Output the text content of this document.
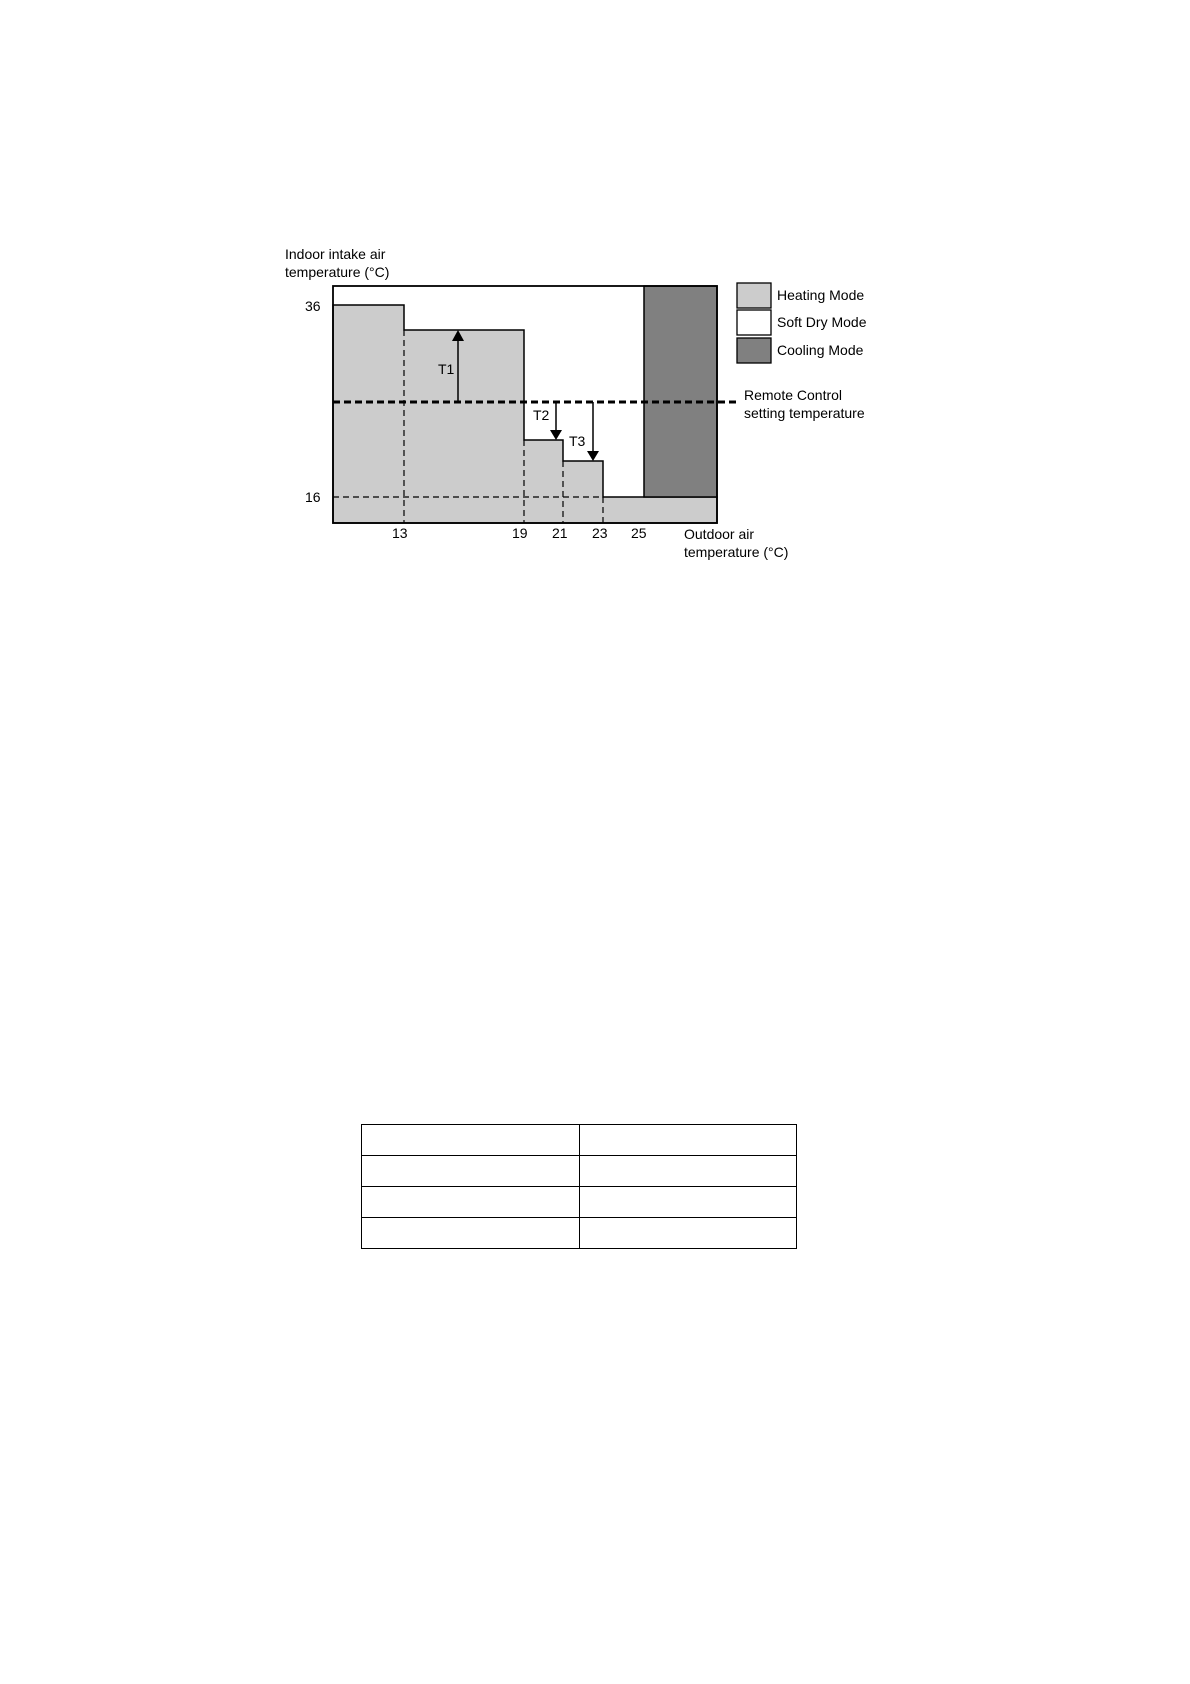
Indoor intake air
temperature (°C)
36
16
13	19 21 23 25	Outdoor air
temperature (°C)
T1
T2
T3
Remote Control
setting temperature
Heating Mode
Soft Dry Mode
Cooling Mode
